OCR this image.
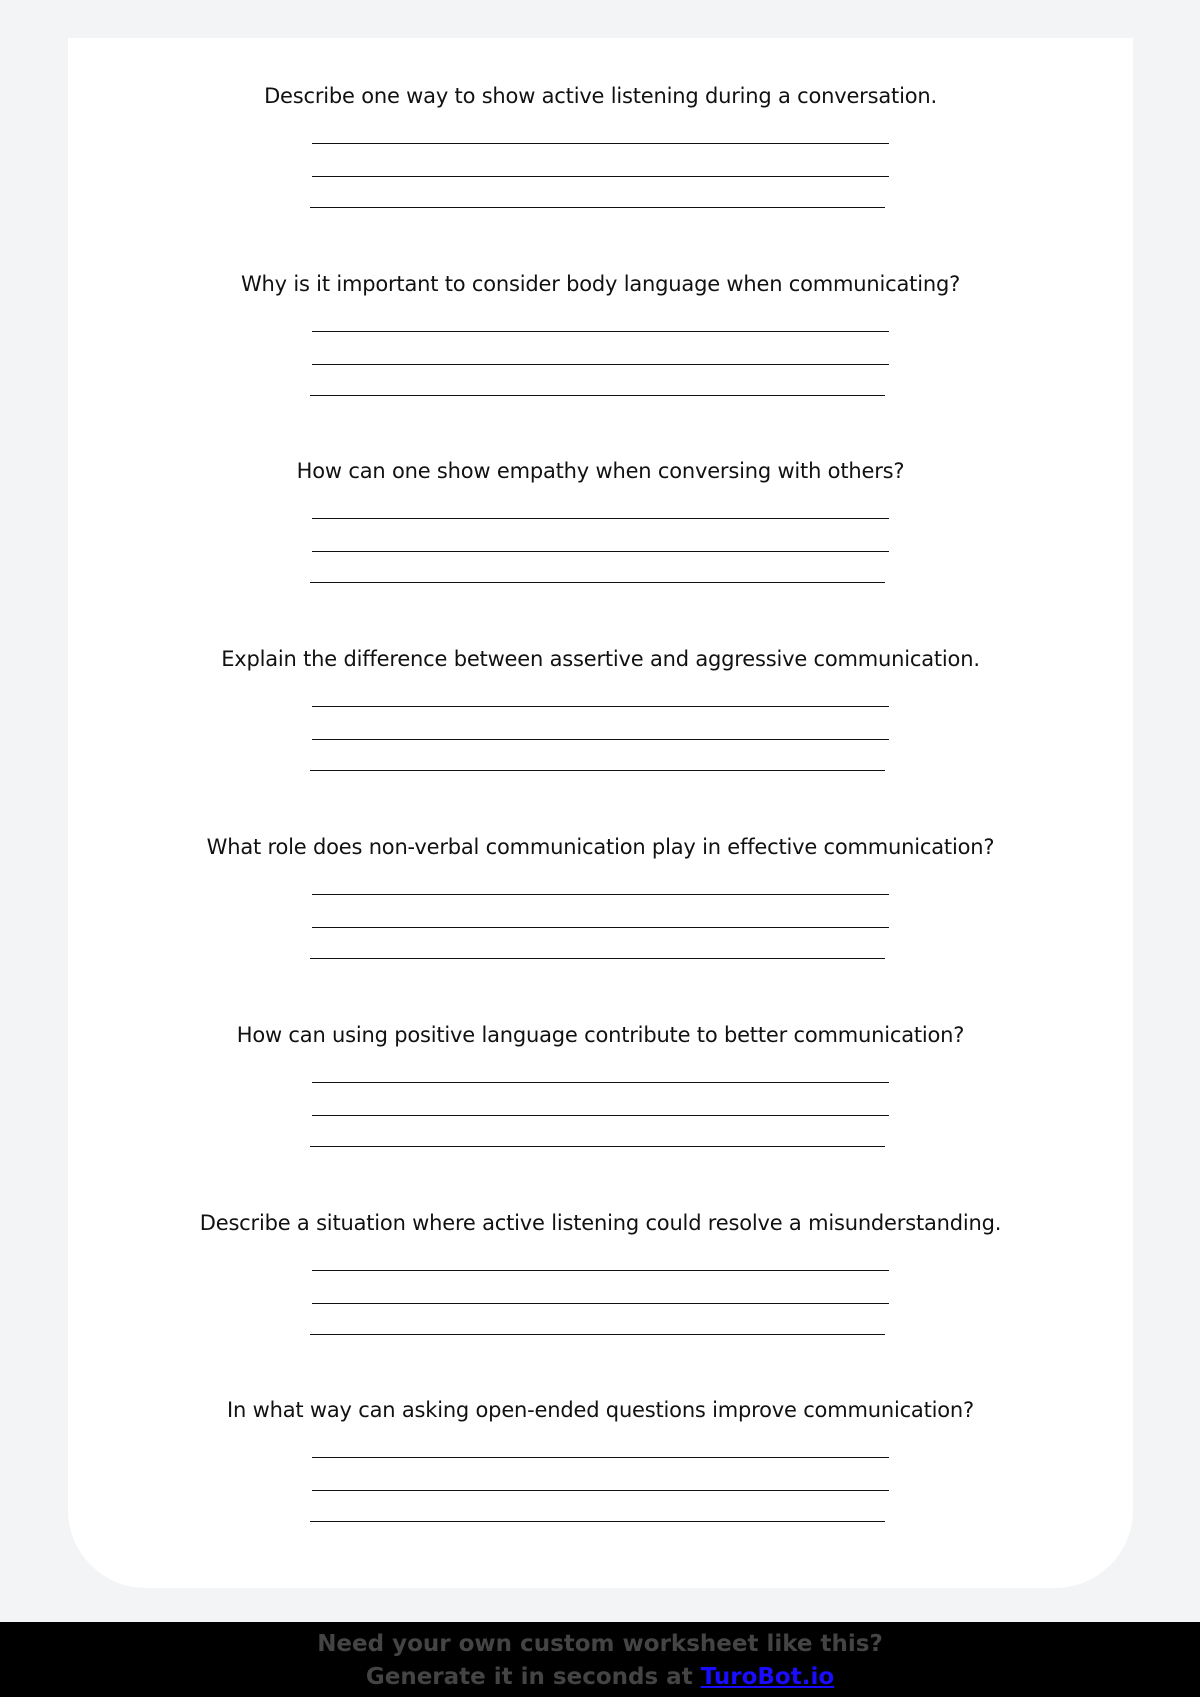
Describe one way to show active listening during a conversation.
Why is it important to consider body language when communicating?
How can one show empathy when conversing with others?
Explain the difference between assertive and aggressive communication.
What role does non-verbal communication play in effective communication?
How can using positive language contribute to better communication?
Describe a situation where active listening could resolve a misunderstanding.
In what way can asking open-ended questions improve communication?
Need your own custom worksheet like this?
Generate it in seconds at TuroBot.io
